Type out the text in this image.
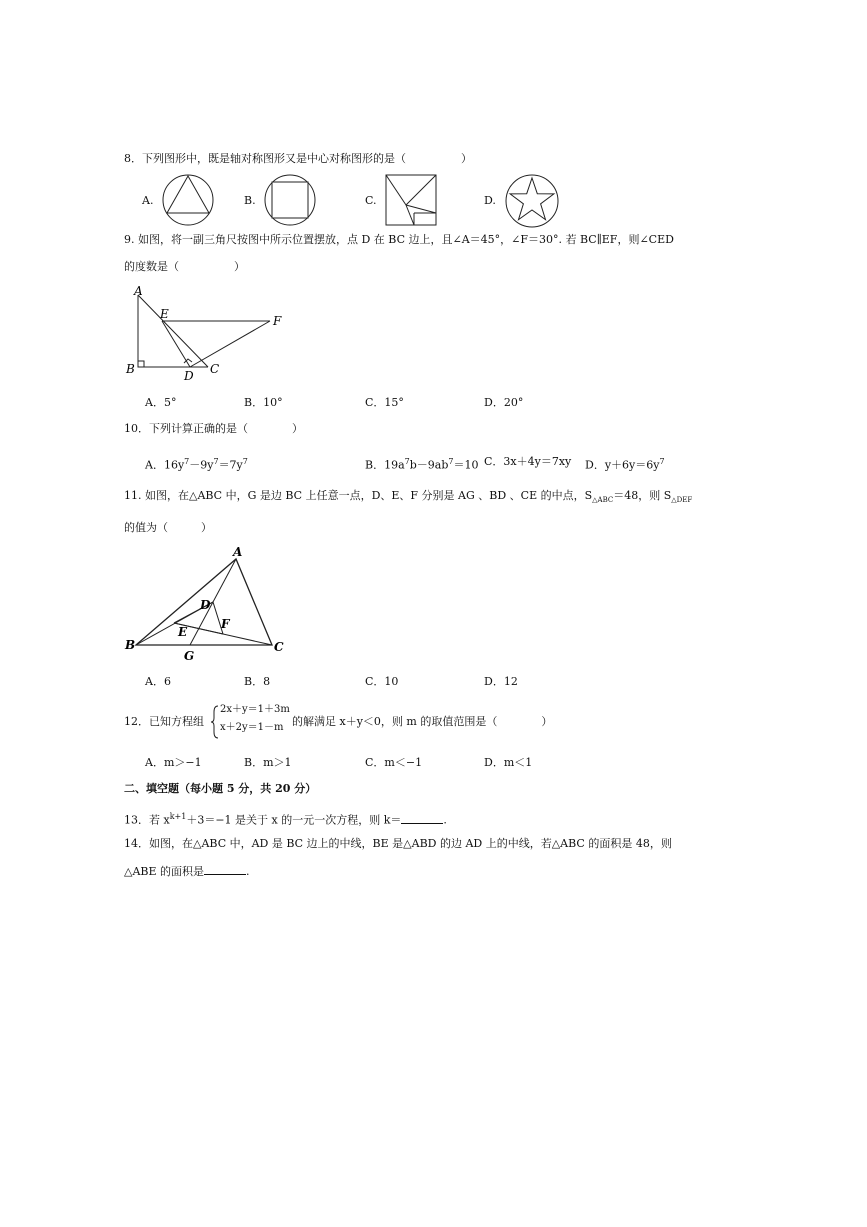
8．下列图形中，既是轴对称图形又是中心对称图形的是（　　　　　）
A.	B.	C.	D.
9. 如图，将一副三角尺按图中所示位置摆放，点 D 在 BC 边上，且∠A＝45°，∠F＝30°. 若 BC∥EF，则∠CED
的度数是（　　　　　）
A
E	F
B	D C
A．5°	B．10°	C．15°	D．20°
10．下列计算正确的是（　　　　）
A．$16y^7-9y^7=7y^7$	B．$19a^7b-9ab^7=10$ C．3x＋4y＝7xy D．$y+6y=6y^7$
11. 如图，在△ABC 中，G 是边 BC 上任意一点，D、E、F 分别是 AG 、BD 、CE 的中点，$S_{\triangle ABC}=48$，则 $S_{\triangle DEF}$
的值为（　　　）
A
D
F
E
B
G
C
A．6	B．8	C．10	D．12
12．已知方程组
2x＋y＝1＋3m
x＋2y＝1－m 的解满足 x＋y＜0，则 m 的取值范围是（　　　　）
A．m＞−1	B．m＞1	C．m＜−1	D．m＜1
二、填空题（每小题 5 分，共 20 分）
13．若 $x^{k+1}+3=-1$ 是关于 x 的一元一次方程，则 k＝	.
14．如图，在△ABC 中，AD 是 BC 边上的中线，BE 是△ABD 的边 AD 上的中线，若△ABC 的面积是 48，则
△ABE 的面积是	.
